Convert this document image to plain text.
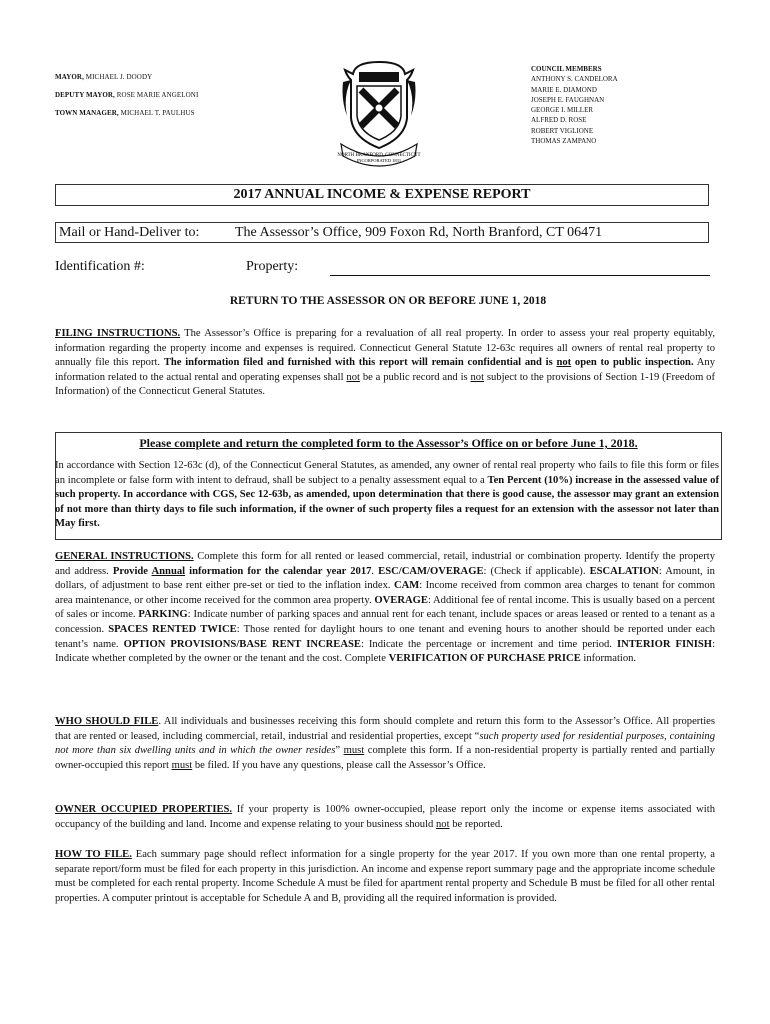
MAYOR, MICHAEL J. DOODY
DEPUTY MAYOR, ROSE MARIE ANGELONI
TOWN MANAGER, MICHAEL T. PAULHUS
NORTH BRANFORD, CONNECTICUT
INCORPORATED 1831
COUNCIL MEMBERS
ANTHONY S. CANDELORA
MARIE E. DIAMOND
JOSEPH E. FAUGHNAN
GEORGE I. MILLER
ALFRED D. ROSE
ROBERT VIGLIONE
THOMAS ZAMPANO
2017 ANNUAL INCOME & EXPENSE REPORT
Mail or Hand-Deliver to:	The Assessor’s Office, 909 Foxon Rd, North Branford, CT 06471
Identification #:	Property:
RETURN TO THE ASSESSOR ON OR BEFORE JUNE 1, 2018
FILING INSTRUCTIONS. The Assessor’s Office is preparing for a revaluation of all real property. In order to assess your real property equitably, information regarding the property income and expenses is required. Connecticut General Statute 12-63c requires all owners of rental real property to annually file this report. The information filed and furnished with this report will remain confidential and is not open to public inspection. Any information related to the actual rental and operating expenses shall not be a public record and is not subject to the provisions of Section 1-19 (Freedom of Information) of the Connecticut General Statutes.
Please complete and return the completed form to the Assessor’s Office on or before June 1, 2018.
In accordance with Section 12-63c (d), of the Connecticut General Statutes, as amended, any owner of rental real property who fails to file this form or files an incomplete or false form with intent to defraud, shall be subject to a penalty assessment equal to a Ten Percent (10%) increase in the assessed value of such property. In accordance with CGS, Sec 12-63b, as amended, upon determination that there is good cause, the assessor may grant an extension of not more than thirty days to file such information, if the owner of such property files a request for an extension with the assessor not later than May first.
GENERAL INSTRUCTIONS. Complete this form for all rented or leased commercial, retail, industrial or combination property. Identify the property and address. Provide Annual information for the calendar year 2017. ESC/CAM/OVERAGE: (Check if applicable). ESCALATION: Amount, in dollars, of adjustment to base rent either pre-set or tied to the inflation index. CAM: Income received from common area charges to tenant for common area maintenance, or other income received for the common area property. OVERAGE: Additional fee of rental income. This is usually based on a percent of sales or income. PARKING: Indicate number of parking spaces and annual rent for each tenant, include spaces or areas leased or rented to a tenant as a concession. SPACES RENTED TWICE: Those rented for daylight hours to one tenant and evening hours to another should be reported under each tenant’s name. OPTION PROVISIONS/BASE RENT INCREASE: Indicate the percentage or increment and time period. INTERIOR FINISH: Indicate whether completed by the owner or the tenant and the cost. Complete VERIFICATION OF PURCHASE PRICE information.
WHO SHOULD FILE. All individuals and businesses receiving this form should complete and return this form to the Assessor’s Office. All properties that are rented or leased, including commercial, retail, industrial and residential properties, except “such property used for residential purposes, containing not more than six dwelling units and in which the owner resides” must complete this form. If a non-residential property is partially rented and partially owner-occupied this report must be filed. If you have any questions, please call the Assessor’s Office.
OWNER OCCUPIED PROPERTIES. If your property is 100% owner-occupied, please report only the income or expense items associated with occupancy of the building and land. Income and expense relating to your business should not be reported.
HOW TO FILE. Each summary page should reflect information for a single property for the year 2017. If you own more than one rental property, a separate report/form must be filed for each property in this jurisdiction. An income and expense report summary page and the appropriate income schedule must be completed for each rental property. Income Schedule A must be filed for apartment rental property and Schedule B must be filed for all other rental properties. A computer printout is acceptable for Schedule A and B, providing all the required information is provided.
